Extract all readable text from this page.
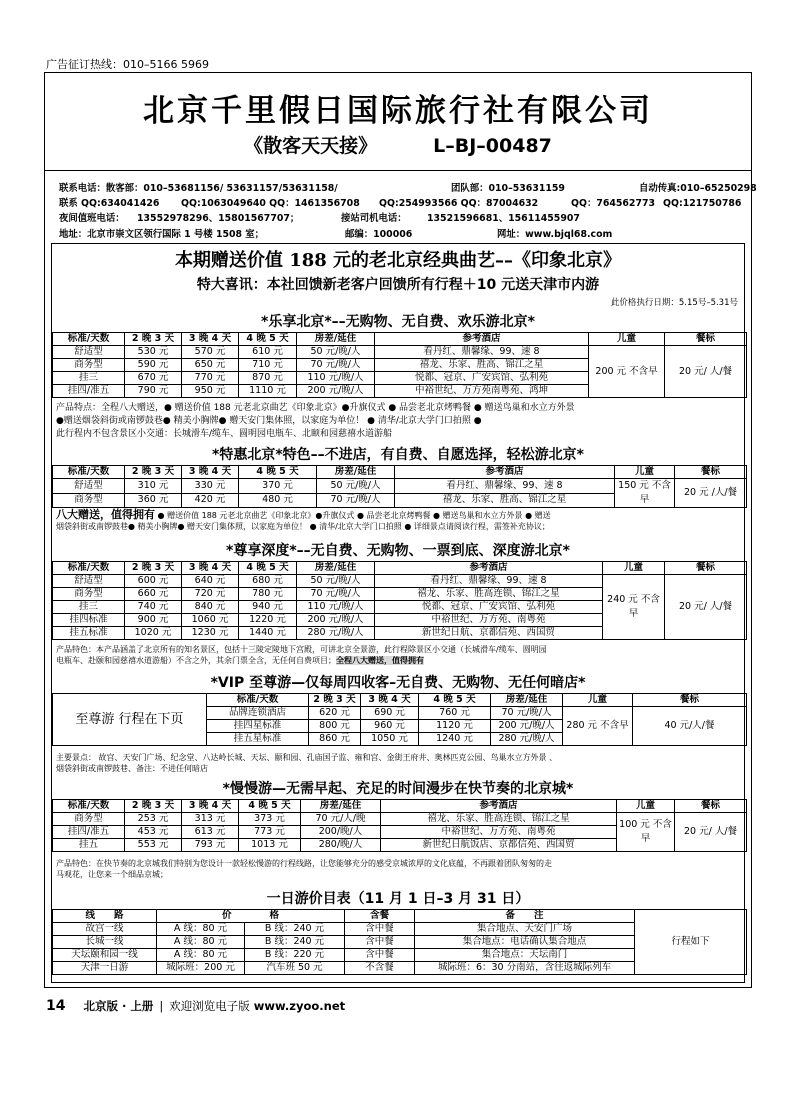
广告征订热线：010–5166 5969
北京千里假日国际旅行社有限公司
《散客天天接》	L–BJ–00487
联系电话：散客部：010–53681156/ 53631157/53631158/	团队部：010–53631159	自动传真:010–65250298
联系 QQ:634041426 QQ:1063049640 QQ：1461356708 QQ:254993566 QQ：87004632	QQ：764562773 QQ:121750786
夜间值班电话： 13552978296、15801567707；	接站司机电话： 13521596681、15611455907
地址：北京市崇文区领行国际 1 号楼 1508 室；	邮编：100006	网址：www.bjql68.com
本期赠送价值 188 元的老北京经典曲艺––《印象北京》
特大喜讯：本社回馈新老客户回馈所有行程＋10 元送天津市内游
此价格执行日期：5.15号–5.31号
*乐享北京*––无购物、无自费、欢乐游北京*
标准/天数	2 晚 3 天	3 晚 4 天	4 晚 5 天	房差/延住	参考酒店	儿童	餐标
舒适型	530 元	570 元	610 元	50 元/晚/人	看丹红、鼎馨缘、99、速 8	200 元 不含早	20 元/ 人/餐
商务型	590 元	650 元	710 元	70 元/晚/人	禧龙、乐家、胜高、锦江之星		
挂三	670 元	770 元	870 元	110 元/晚/人	悦都、冠京、广安宾馆、弘利苑		
挂四/准五	790 元	950 元	1110 元	200 元/晚/人	中裕世纪、万方苑南粤苑、鸿坤		
产品特点：全程八大赠送，● 赠送价值 188 元老北京曲艺《印象北京》●升旗仪式 ● 品尝老北京烤鸭餐 ● 赠送鸟巢和水立方外景
●赠送烟袋斜街或南锣鼓巷● 精美小胸牌● 赠天安门集体照，以家庭为单位！ ● 清华/北京大学门口拍照 ●
此行程内不包含景区小交通：长城滑车/缆车、圆明园电瓶车、北颐和园慈禧水道游船
*特惠北京*特色––不进店，有自费、自愿选择，轻松游北京*
标准/天数	2 晚 3 天	3 晚 4 天	4 晚 5 天	房差/延住	参考酒店	儿童	餐标
舒适型	310 元	330 元	370 元	50 元/晚/人	看丹红、鼎馨缘、99、速 8	150 元 不含早	20 元 /人/餐
商务型	360 元	420 元	480 元	70 元/晚/人	禧龙、乐家、胜高、锦江之星		
八大赠送，值得拥有 ● 赠送价值 188 元老北京曲艺《印象北京》●升旗仪式 ● 品尝老北京烤鸭餐 ● 赠送鸟巢和水立方外景 ● 赠送
烟袋斜街或南锣鼓巷● 精美小胸牌● 赠天安门集体照，以家庭为单位！ ● 清华/北京大学门口拍照 ● 详细景点请阅读行程，需签补充协议；
*尊享深度*––无自费、无购物、一票到底、深度游北京*
标准/天数	2 晚 3 天	3 晚 4 天	4 晚 5 天	房差/延住	参考酒店	儿童	餐标
舒适型	600 元	640 元	680 元	50 元/晚/人	看丹红、鼎馨缘、99、速 8	240 元 不含早	20 元/ 人/餐
商务型	660 元	720 元	780 元	70 元/晚/人	禧龙、乐家、胜高连锁、锦江之星		
挂三	740 元	840 元	940 元	110 元/晚/人	悦都、冠京、广安宾馆、弘利苑		
挂四标准	900 元	1060 元	1220 元	200 元/晚/人	中裕世纪、万方苑、南粤苑		
挂五标准	1020 元	1230 元	1440 元	280 元/晚/人	新世纪日航、京都信苑、西国贸		
产品特色：本产品涵盖了北京所有的知名景区，包括十三陵定陵地下宫殿，可讲北京全景游，此行程除景区小交通（长城滑车/缆车、圆明园
电瓶车、赴颐和园慈禧水道游船）不含之外，其余门票全含，无任何自费项目；全程八大赠送，值得拥有
*VIP 至尊游—仅每周四收客–无自费、无购物、无任何暗店*
至尊游 行程在下页	标准/天数	2 晚 3 天	3 晚 4 天	4 晚 5 天	房差/延住	儿童	餐标
	品牌连锁酒店	620 元	690 元	760 元	70 元/晚/人	280 元 不含早	40 元/人/餐
	挂四星标准	800 元	960 元	1120 元	200 元/晚/人		
	挂五星标准	860 元	1050 元	1240 元	280 元/晚/人		
主要景点： 故宫、天安门广场、纪念堂、八达岭长城、天坛、颐和园、孔庙国子监、雍和宫、金街王府井、奥林匹克公园、鸟巢水立方外景 、
烟袋斜街或南锣鼓巷、备注：不进任何暗店
*慢慢游—无需早起、充足的时间漫步在快节奏的北京城*
标准/天数	2 晚 3 天	3 晚 4 天	4 晚 5 天	房差/延住	参考酒店	儿童	餐标
商务型	253 元	313 元	373 元	70 元/人/晚	禧龙、乐家、胜高连锁、锦江之星	100 元 不含早	20 元/ 人/餐
挂四/准五	453 元	613 元	773 元	200/晚/人	中裕世纪、万方苑、南粤苑		
挂五	553 元	793 元	1013 元	280/晚/人	新世纪日航饭店、京都信苑、西国贸		
产品特色：在快节奏的北京城我们特别为您设计一款轻松慢游的行程线路，让您能够充分的感受京城浓厚的文化底蕴，不再跟着团队匆匆的走
马观花，让您来一个细品京城；
一日游价目表（11 月 1 日–3 月 31 日）
线　　路	价　　　　格		含餐	备　　注	行程如下
故宫一线	A 线：80 元	B 线：240 元	含中餐	集合地点、天安门广场	
长城一线	A 线：80 元	B 线：240 元	含中餐	集合地点：电话确认集合地点	
天坛颐和园一线	A 线：80 元	B 线：220 元	含中餐	集合地点：天坛南门	
天津一日游	城际班：200 元	汽车班 50 元	不含餐	城际班：6：30 分南站，含往返城际列车	
14 北京版 · 上册 | 欢迎浏览电子版 www.zyoo.net
